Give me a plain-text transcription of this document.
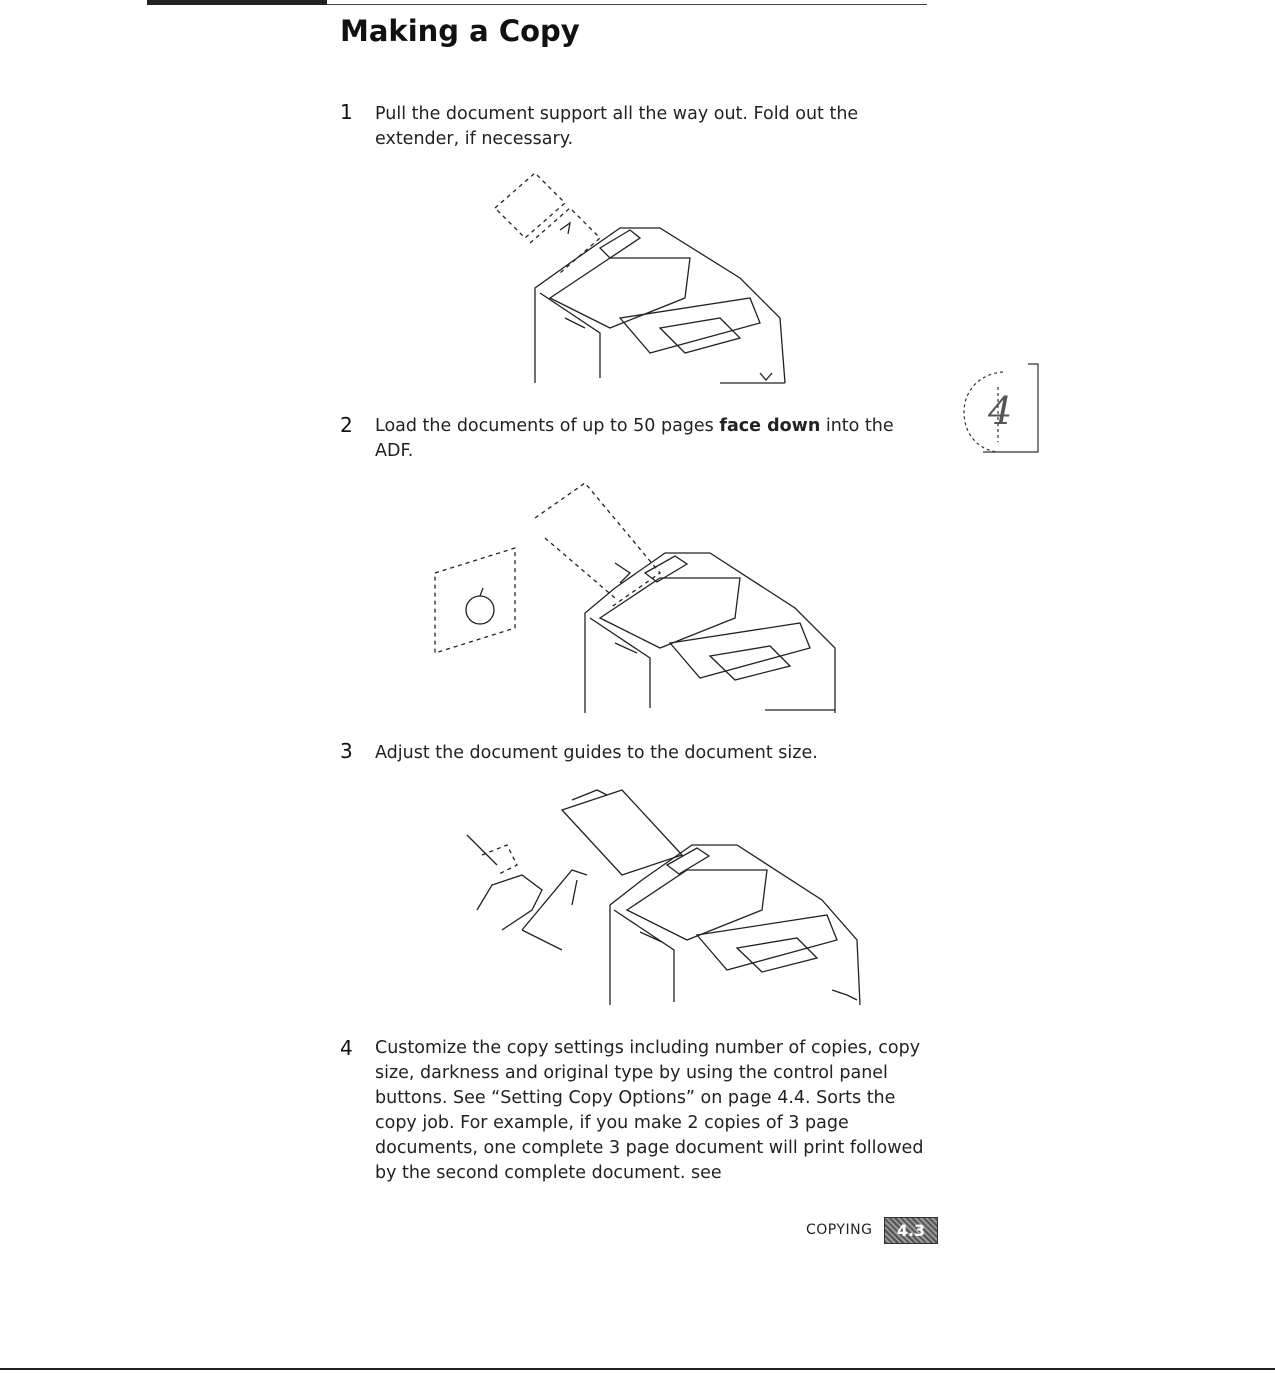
Making a Copy
1 Pull the document support all the way out. Fold out the extender, if necessary.
2 Load the documents of up to 50 pages face down into the ADF.
3 Adjust the document guides to the document size.
4 Customize the copy settings including number of copies, copy size, darkness and original type by using the control panel buttons. See “Setting Copy Options” on page 4.4. Sorts the copy job. For example, if you make 2 copies of 3 page documents, one complete 3 page document will print followed by the second complete document. see
4
COPYING	4.3
